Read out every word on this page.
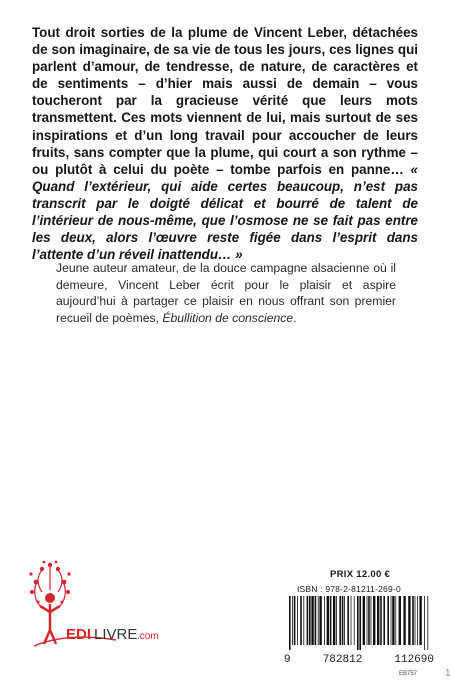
Tout droit sorties de la plume de Vincent Leber, détachées de son imaginaire, de sa vie de tous les jours, ces lignes qui parlent d’amour, de tendresse, de nature, de caractères et de sentiments – d’hier mais aussi de demain – vous toucheront par la gracieuse vérité que leurs mots transmettent. Ces mots viennent de lui, mais surtout de ses inspirations et d’un long travail pour accoucher de leurs fruits, sans compter que la plume, qui court a son rythme – ou plutôt à celui du poète – tombe parfois en panne… « Quand l’extérieur, qui aide certes beaucoup, n’est pas transcrit par le doigté délicat et bourré de talent de l’intérieur de nous-même, que l’osmose ne se fait pas entre les deux, alors l’œuvre reste figée dans l’esprit dans l’attente d’un réveil inattendu… »
Jeune auteur amateur, de la douce campagne alsacienne où il demeure, Vincent Leber écrit pour le plaisir et aspire aujourd’hui à partager ce plaisir en nous offrant son premier recueil de poèmes, Ébullition de conscience.
EDI LIVRE .com
PRIX 12.00 €
ISBN : 978-2-81211-269-0
9	782812	112690
EB757	1
